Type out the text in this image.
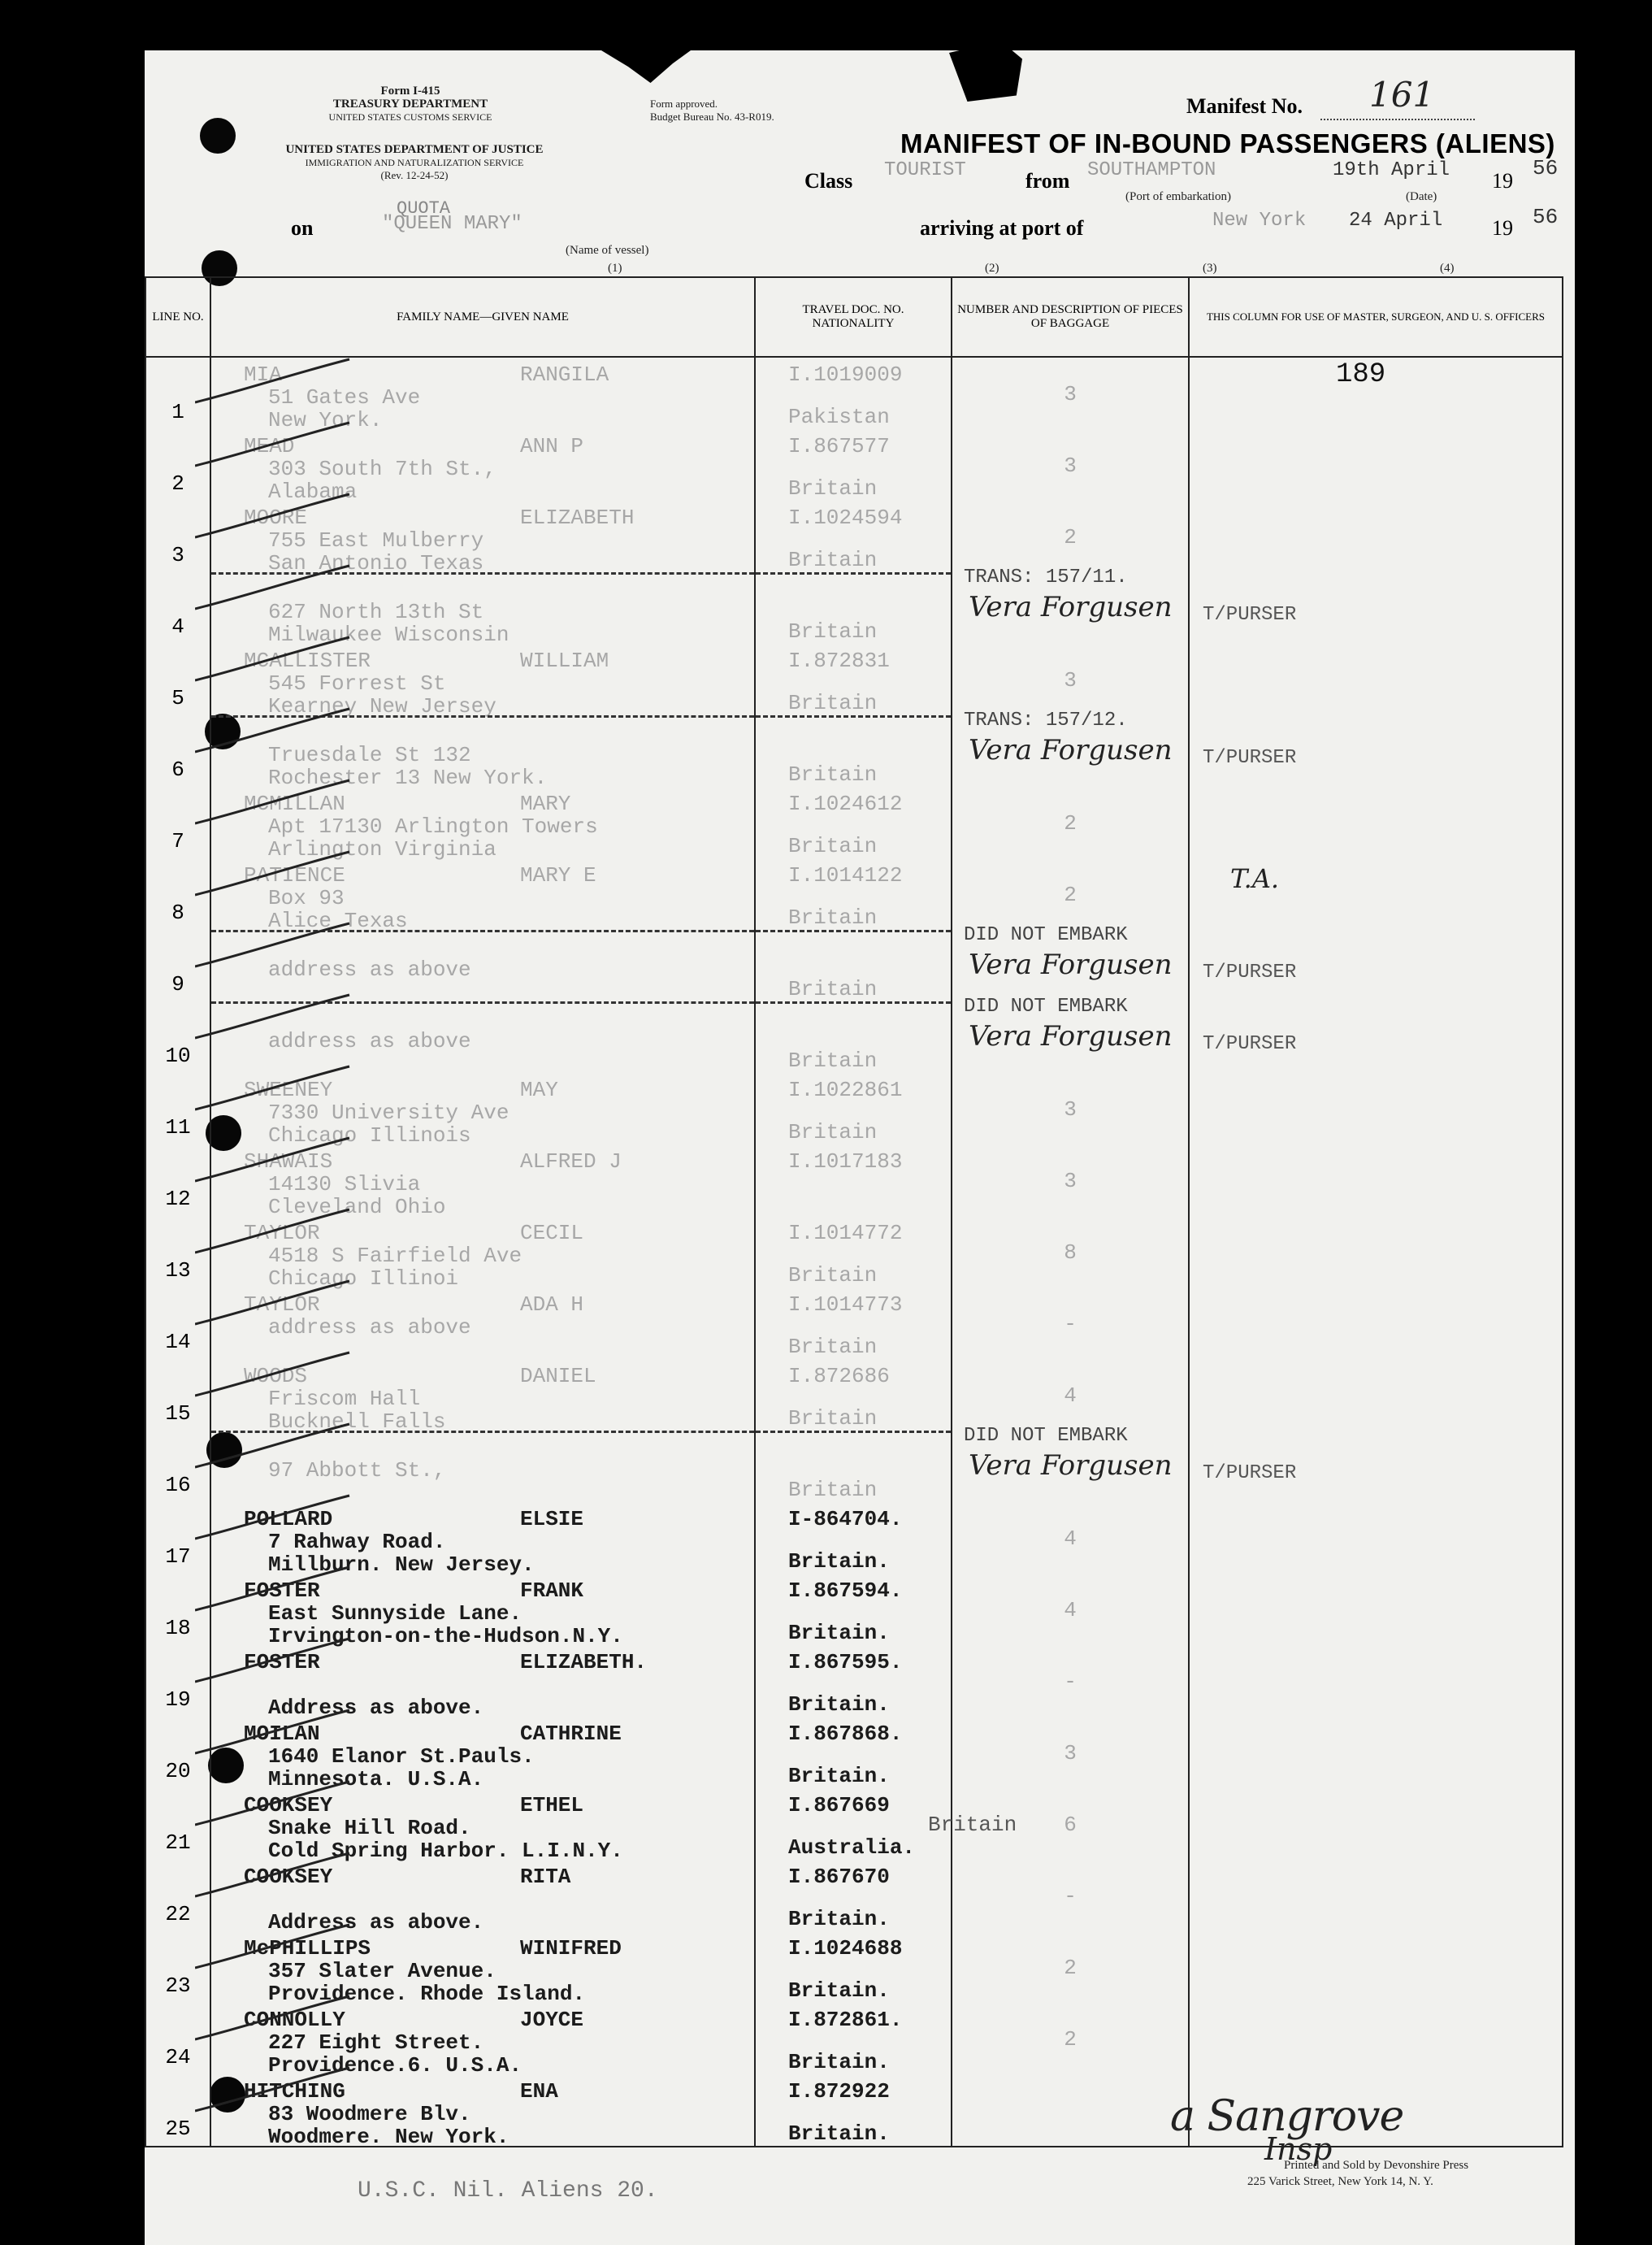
Form I-415
TREASURY DEPARTMENT
UNITED STATES CUSTOMS SERVICE
UNITED STATES DEPARTMENT OF JUSTICE
IMMIGRATION AND NATURALIZATION SERVICE
(Rev. 12-24-52)
Form approved.
Budget Bureau No. 43-R019.	Manifest No. 161
MANIFEST OF IN-BOUND PASSENGERS (ALIENS)
Class TOURIST	from SOUTHAMPTON
(Port of embarkation)
19th April
(Date)
19
56
QUOTA
on	"QUEEN MARY"
(Name of vessel)
arriving at port of	New York 24 April 19 56
(1)	(2)	(3)	(4)
LINE NO.	FAMILY NAME—GIVEN NAME	TRAVEL DOC. NO. NATIONALITY	NUMBER AND DESCRIPTION OF PIECES OF BAGGAGE	THIS COLUMN FOR USE OF MASTER, SURGEON, AND U. S. OFFICERS

1	MIA RANGILA
51 Gates Ave
New York.	I.1019009
Pakistan	3	189

2	MEAD ANN P
303 South 7th St.,
Alabama	I.867577
Britain	3	

3	MOORE ELIZABETH
755 East Mulberry
San Antonio Texas	I.1024594
Britain	2	

4	627 North 13th St
Milwaukee Wisconsin	Britain	TRANS: 157/11.
Vera Forgusen	T/PURSER

5	MCALLISTER WILLIAM
545 Forrest St
Kearney New Jersey	I.872831
Britain	3	

6	Truesdale St 132
Rochester 13 New York.	Britain	TRANS: 157/12.
Vera Forgusen	T/PURSER

7	MCMILLAN MARY
Apt 17130 Arlington Towers
Arlington Virginia	I.1024612
Britain	2	

8	PATIENCE MARY E
Box 93
Alice Texas	I.1014122
Britain	2	T.A.

9	address as above	Britain	DID NOT EMBARK
Vera Forgusen	T/PURSER

10	address as above	Britain	DID NOT EMBARK
Vera Forgusen	T/PURSER

11	SWEENEY MAY
7330 University Ave
Chicago Illinois	I.1022861
Britain	3	

12	SHAWAIS ALFRED J
14130 Slivia
Cleveland Ohio	I.1017183	3	

13	TAYLOR CECIL
4518 S Fairfield Ave
Chicago Illinoi	I.1014772
Britain	8	

14	TAYLOR ADA H
address as above	I.1014773
Britain	-	

15	WOODS DANIEL
Friscom Hall
Bucknell Falls	I.872686
Britain	4	

16	97 Abbott St.,	Britain	DID NOT EMBARK
Vera Forgusen	T/PURSER

17	POLLARD ELSIE
7 Rahway Road.
Millburn. New Jersey.	I-864704.
Britain.	4	

18	FOSTER FRANK
East Sunnyside Lane.
Irvington-on-the-Hudson.N.Y.	I.867594.
Britain.	4	

19	FOSTER ELIZABETH.
Address as above.	I.867595.
Britain.	-	

20	MOILAN CATHRINE
1640 Elanor St.Pauls.
Minnesota. U.S.A.	I.867868.
Britain.	3	

21	COOKSEY ETHEL
Snake Hill Road.
Cold Spring Harbor. L.I.N.Y.	I.867669
Australia.	Britain 6	

22	COOKSEY RITA
Address as above.	I.867670
Britain.	-	

23	McPHILLIPS WINIFRED
357 Slater Avenue.
Providence. Rhode Island.	I.1024688
Britain.	2	

24	CONNOLLY JOYCE
227 Eight Street.
Providence.6. U.S.A.	I.872861.
Britain.	2	

25	HITCHING ENA
83 Woodmere Blv.
Woodmere. New York.	I.872922
Britain.		

		a Sangrove
Insp
U.S.C. Nil. Aliens 20.
Printed and Sold by Devonshire Press
225 Varick Street, New York 14, N. Y.
